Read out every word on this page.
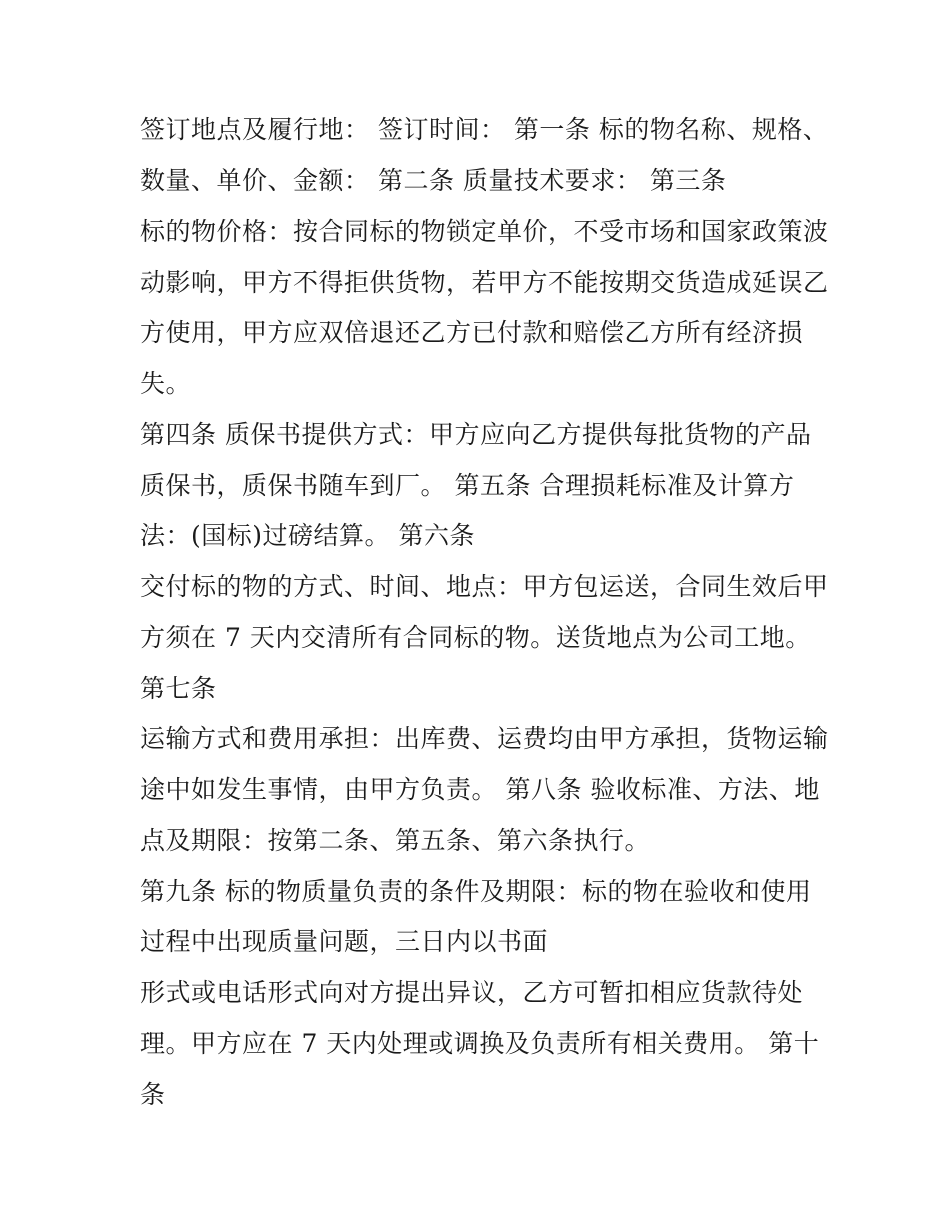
签订地点及履行地： 签订时间： 第一条 标的物名称、规格、
数量、单价、金额： 第二条 质量技术要求： 第三条
标的物价格：按合同标的物锁定单价，不受市场和国家政策波
动影响，甲方不得拒供货物，若甲方不能按期交货造成延误乙
方使用，甲方应双倍退还乙方已付款和赔偿乙方所有经济损
失。
第四条 质保书提供方式：甲方应向乙方提供每批货物的产品
质保书，质保书随车到厂。 第五条 合理损耗标准及计算方
法：(国标)过磅结算。 第六条
交付标的物的方式、时间、地点：甲方包运送，合同生效后甲
方须在 7 天内交清所有合同标的物。送货地点为公司工地。
第七条
运输方式和费用承担：出库费、运费均由甲方承担，货物运输
途中如发生事情，由甲方负责。 第八条 验收标准、方法、地
点及期限：按第二条、第五条、第六条执行。
第九条 标的物质量负责的条件及期限：标的物在验收和使用
过程中出现质量问题，三日内以书面
形式或电话形式向对方提出异议，乙方可暂扣相应货款待处
理。甲方应在 7 天内处理或调换及负责所有相关费用。 第十
条
